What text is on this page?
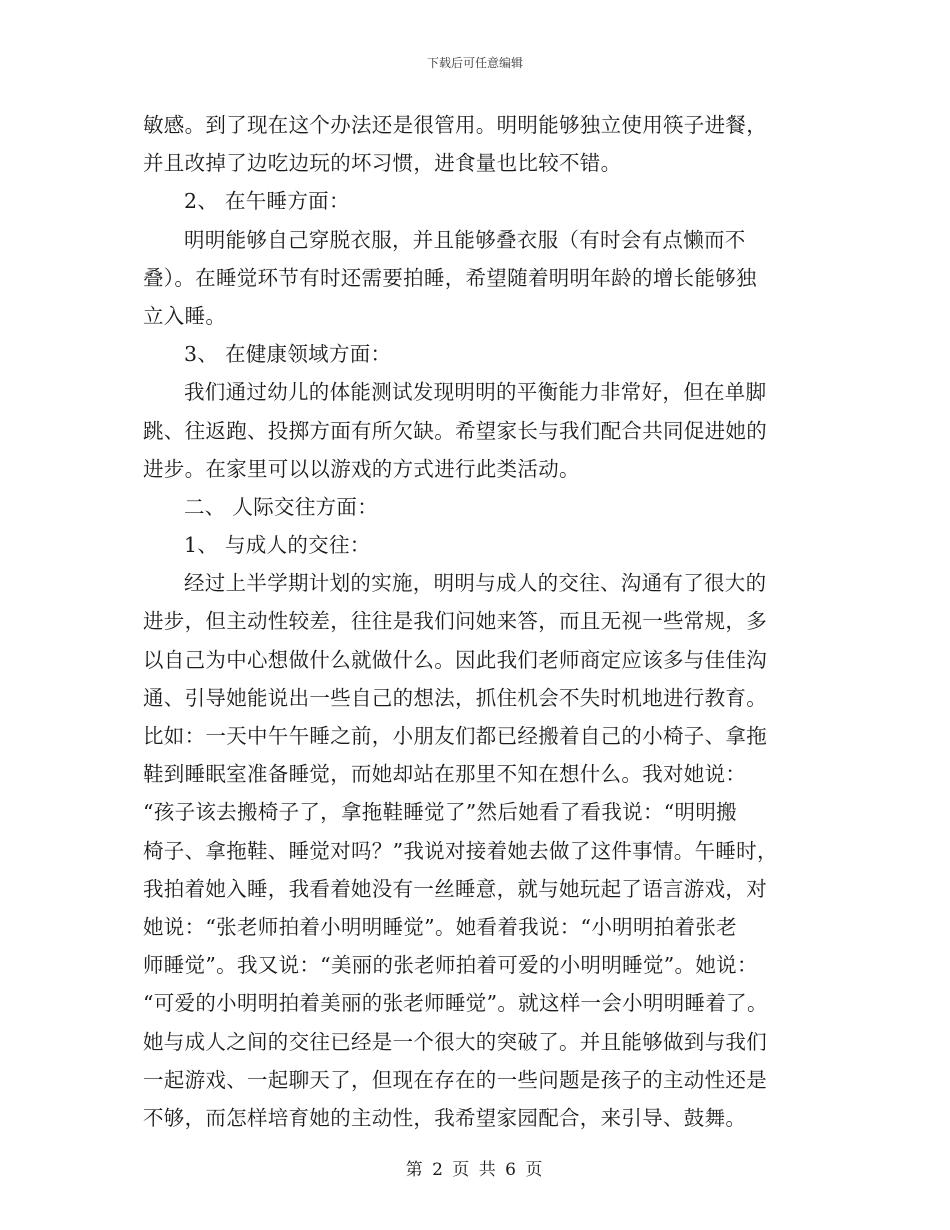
下载后可任意编辑
敏感。到了现在这个办法还是很管用。明明能够独立使用筷子进餐，
并且改掉了边吃边玩的坏习惯，进食量也比较不错。
2、 在午睡方面：
明明能够自己穿脱衣服，并且能够叠衣服（有时会有点懒而不
叠）。在睡觉环节有时还需要拍睡，希望随着明明年龄的增长能够独
立入睡。
3、 在健康领域方面：
我们通过幼儿的体能测试发现明明的平衡能力非常好，但在单脚
跳、往返跑、投掷方面有所欠缺。希望家长与我们配合共同促进她的
进步。在家里可以以游戏的方式进行此类活动。
二、 人际交往方面：
1、 与成人的交往：
经过上半学期计划的实施，明明与成人的交往、沟通有了很大的
进步，但主动性较差，往往是我们问她来答，而且无视一些常规，多
以自己为中心想做什么就做什么。因此我们老师商定应该多与佳佳沟
通、引导她能说出一些自己的想法，抓住机会不失时机地进行教育。
比如：一天中午午睡之前，小朋友们都已经搬着自己的小椅子、拿拖
鞋到睡眠室准备睡觉，而她却站在那里不知在想什么。我对她说：
“孩子该去搬椅子了，拿拖鞋睡觉了”然后她看了看我说：“明明搬
椅子、拿拖鞋、睡觉对吗？”我说对接着她去做了这件事情。午睡时，
我拍着她入睡，我看着她没有一丝睡意，就与她玩起了语言游戏，对
她说：“张老师拍着小明明睡觉”。她看着我说：“小明明拍着张老
师睡觉”。我又说：“美丽的张老师拍着可爱的小明明睡觉”。她说：
“可爱的小明明拍着美丽的张老师睡觉”。就这样一会小明明睡着了。
她与成人之间的交往已经是一个很大的突破了。并且能够做到与我们
一起游戏、一起聊天了，但现在存在的一些问题是孩子的主动性还是
不够，而怎样培育她的主动性，我希望家园配合，来引导、鼓舞。
第 2 页 共 6 页
